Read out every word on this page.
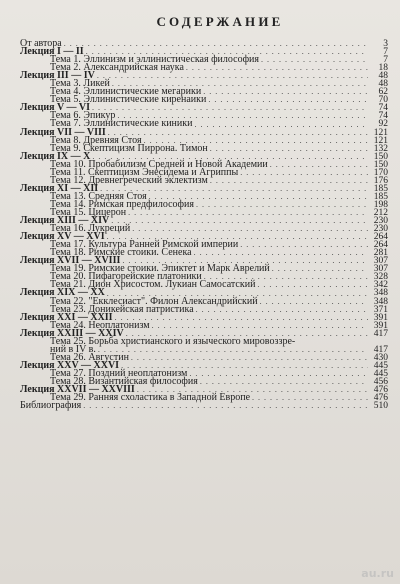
СОДЕРЖАНИЕ
От автора . . .	3
Лекция I — II . . .	7
Тема 1. Эллинизм и эллинистическая философия . . .	7
Тема 2. Александрийская наука . . .	18
Лекция III — IV . . .	48
Тема 3. Ликей . . .	48
Тема 4. Эллинистические мегарики . . .	62
Тема 5. Эллинистические киренаики . . .	70
Лекция V — VI . . .	74
Тема 6. Эпикур . . .	74
Тема 7. Эллинистические киники . . .	92
Лекция VII — VIII . . .	121
Тема 8. Древняя Стоя . . .	121
Тема 9. Скептицизм Пиррона. Тимон . . .	132
Лекция IX — X . . .	150
Тема 10. Пробабилизм Средней и Новой Академии . . .	150
Тема 11. Скептицизм Энесидема и Агриппы . . .	170
Тема 12. Древнегреческий эклектизм . . .	176
Лекция XI — XII . . .	185
Тема 13. Средняя Стоя . . .	185
Тема 14. Римская предфилософия . . .	198
Тема 15. Цицерон . . .	212
Лекция XIII — XIV . . .	230
Тема 16. Лукреций . . .	230
Лекция XV — XVI . . .	264
Тема 17. Культура Ранней Римской империи . . .	264
Тема 18. Римские стоики. Сенека . . .	281
Лекция XVII — XVIII . . .	307
Тема 19. Римские стоики. Эпиктет и Марк Аврелий . . .	307
Тема 20. Пифагорейские платоники . . .	328
Тема 21. Дион Хрисостом. Лукиан Самосатский . . .	342
Лекция XIX — XX . . .	348
Тема 22. "Екклесиаст". Филон Александрийский . . .	348
Тема 23. Доникейская патристика . . .	371
Лекция XXI — XXII . . .	391
Тема 24. Неоплатонизм . . .	391
Лекция XXIII — XXIV . . .	417
Тема 25. Борьба христианского и языческого мировоззре-
ний в IV в. . . .	417
Тема 26. Августин . . .	430
Лекция XXV — XXVI . . .	445
Тема 27. Поздний неоплатонизм . . .	445
Тема 28. Византийская философия . . .	456
Лекция XXVII — XXVIII . . .	476
Тема 29. Ранняя схоластика в Западной Европе . . .	476
Библиография . . .	510
au.ru
